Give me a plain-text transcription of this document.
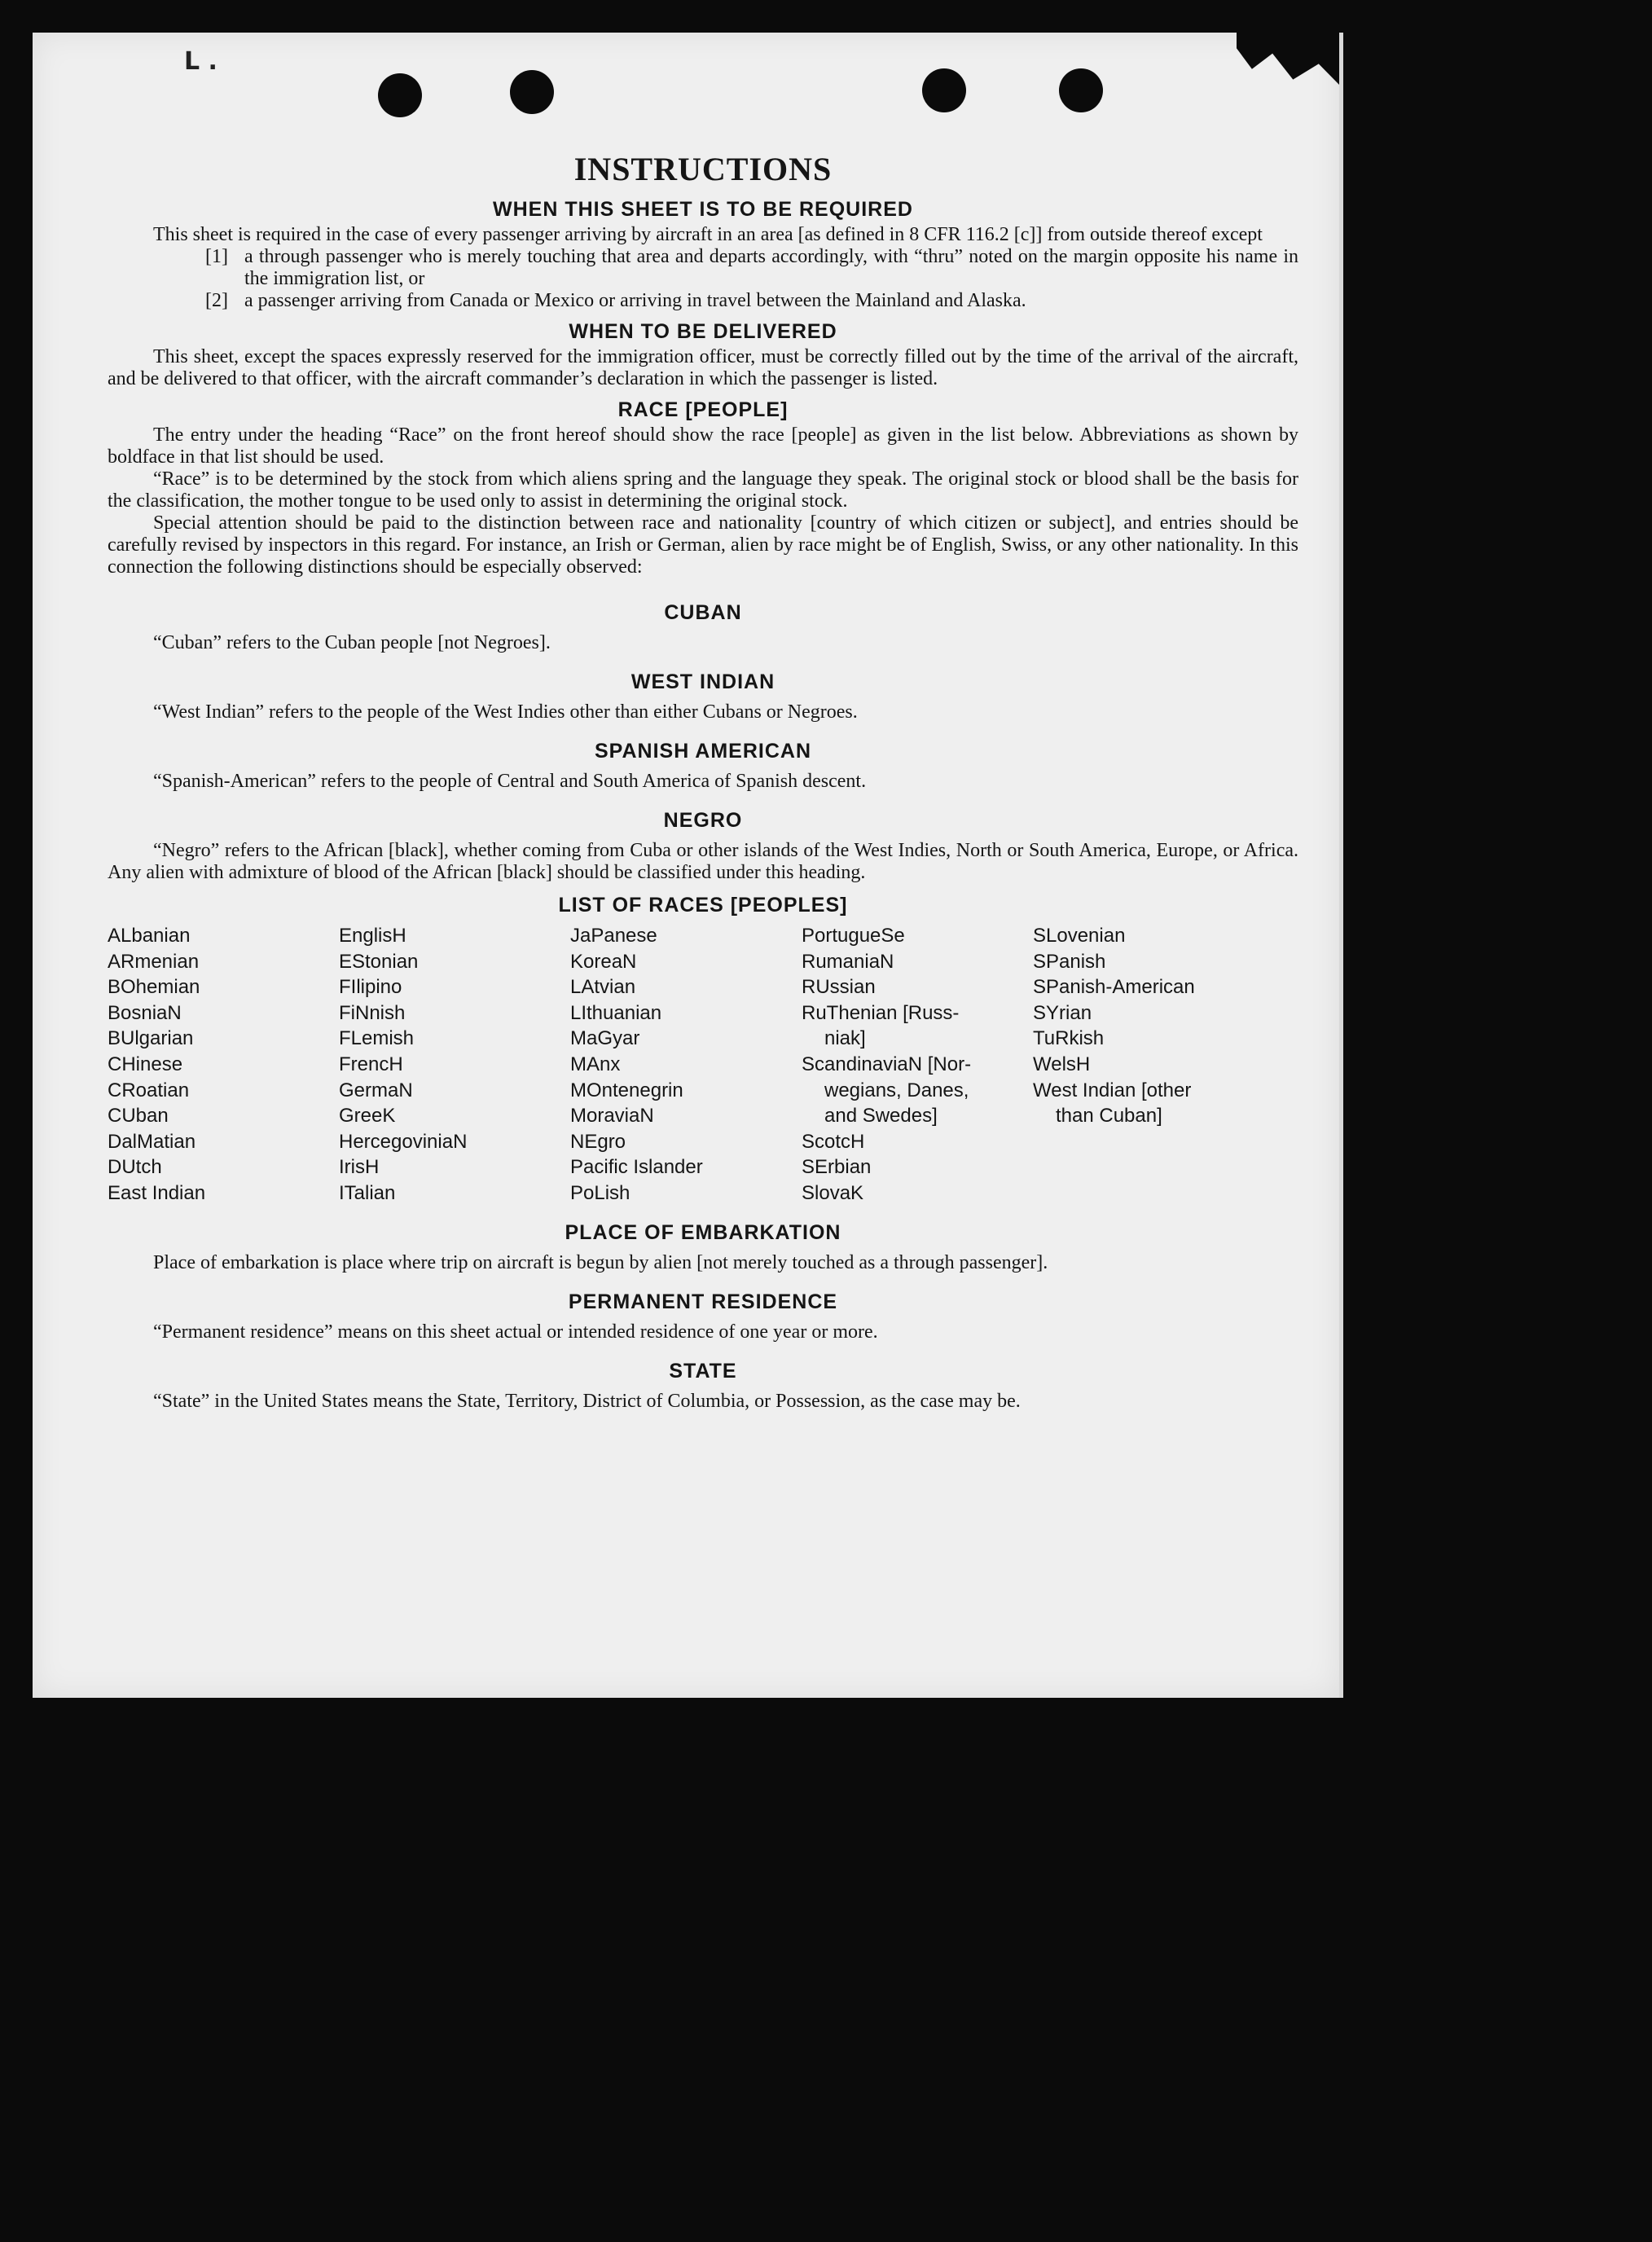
L .
INSTRUCTIONS
WHEN THIS SHEET IS TO BE REQUIRED

This sheet is required in the case of every passenger arriving by aircraft in an area [as defined in 8 CFR 116.2 [c]] from outside thereof except

[1] a through passenger who is merely touching that area and departs accordingly, with “thru” noted on the margin opposite his name in the immigration list, or
[2] a passenger arriving from Canada or Mexico or arriving in travel between the Mainland and Alaska.
WHEN TO BE DELIVERED

This sheet, except the spaces expressly reserved for the immigration officer, must be correctly filled out by the time of the arrival of the aircraft, and be delivered to that officer, with the aircraft commander’s declaration in which the passenger is listed.

RACE [PEOPLE]

The entry under the heading “Race” on the front hereof should show the race [people] as given in the list below. Abbreviations as shown by boldface in that list should be used.

“Race” is to be determined by the stock from which aliens spring and the language they speak. The original stock or blood shall be the basis for the classification, the mother tongue to be used only to assist in determining the original stock.

Special attention should be paid to the distinction between race and nationality [country of which citizen or subject], and entries should be carefully revised by inspectors in this regard. For instance, an Irish or German, alien by race might be of English, Swiss, or any other nationality. In this connection the following distinctions should be especially observed:

CUBAN

“Cuban” refers to the Cuban people [not Negroes].

WEST INDIAN

“West Indian” refers to the people of the West Indies other than either Cubans or Negroes.

SPANISH AMERICAN

“Spanish-American” refers to the people of Central and South America of Spanish descent.

NEGRO

“Negro” refers to the African [black], whether coming from Cuba or other islands of the West Indies, North or South America, Europe, or Africa. Any alien with admixture of blood of the African [black] should be classified under this heading.

LIST OF RACES [PEOPLES]
ALbanian
ARmenian
BOhemian
BosniaN
BUlgarian
CHinese
CRoatian
CUban
DalMatian
DUtch
East Indian
EnglisH
EStonian
FIlipino
FiNnish
FLemish
FrencH
GermaN
GreeK
HercegoviniaN
IrisH
ITalian
JaPanese
KoreaN
LAtvian
LIthuanian
MaGyar
MAnx
MOntenegrin
MoraviaN
NEgro
Pacific Islander
PoLish
PortugueSe
RumaniaN
RUssian
RuThenian [Russ-
niak]
ScandinaviaN [Nor-
wegians, Danes,
and Swedes]
ScotcH
SErbian
SlovaK
SLovenian
SPanish
SPanish-American
SYrian
TuRkish
WelsH
West Indian [other
than Cuban]
PLACE OF EMBARKATION

Place of embarkation is place where trip on aircraft is begun by alien [not merely touched as a through passenger].

PERMANENT RESIDENCE

“Permanent residence” means on this sheet actual or intended residence of one year or more.

STATE

“State” in the United States means the State, Territory, District of Columbia, or Possession, as the case may be.
